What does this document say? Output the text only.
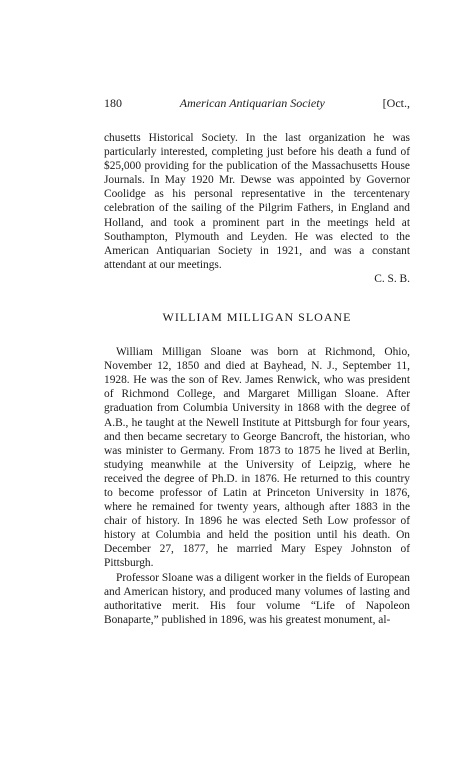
180	American Antiquarian Society	[Oct.,

chusetts Historical Society. In the last organization he was particularly interested, completing just before his death a fund of $25,000 providing for the publication of the Massachusetts House Journals. In May 1920 Mr. Dewse was appointed by Governor Coolidge as his personal representative in the tercentenary celebration of the sailing of the Pilgrim Fathers, in England and Holland, and took a prominent part in the meetings held at Southampton, Plymouth and Leyden. He was elected to the American Antiquarian Society in 1921, and was a constant attendant at our meetings.

C. S. B.

WILLIAM MILLIGAN SLOANE

William Milligan Sloane was born at Richmond, Ohio, November 12, 1850 and died at Bayhead, N. J., September 11, 1928. He was the son of Rev. James Renwick, who was president of Richmond College, and Margaret Milligan Sloane. After graduation from Columbia University in 1868 with the degree of A.B., he taught at the Newell Institute at Pittsburgh for four years, and then became secretary to George Bancroft, the historian, who was minister to Germany. From 1873 to 1875 he lived at Berlin, studying meanwhile at the University of Leipzig, where he received the degree of Ph.D. in 1876. He returned to this country to become professor of Latin at Princeton University in 1876, where he remained for twenty years, although after 1883 in the chair of history. In 1896 he was elected Seth Low professor of history at Columbia and held the position until his death. On December 27, 1877, he married Mary Espey Johnston of Pittsburgh.

Professor Sloane was a diligent worker in the fields of European and American history, and produced many volumes of lasting and authoritative merit. His four volume “Life of Napoleon Bonaparte,” published in 1896, was his greatest monument, al-
